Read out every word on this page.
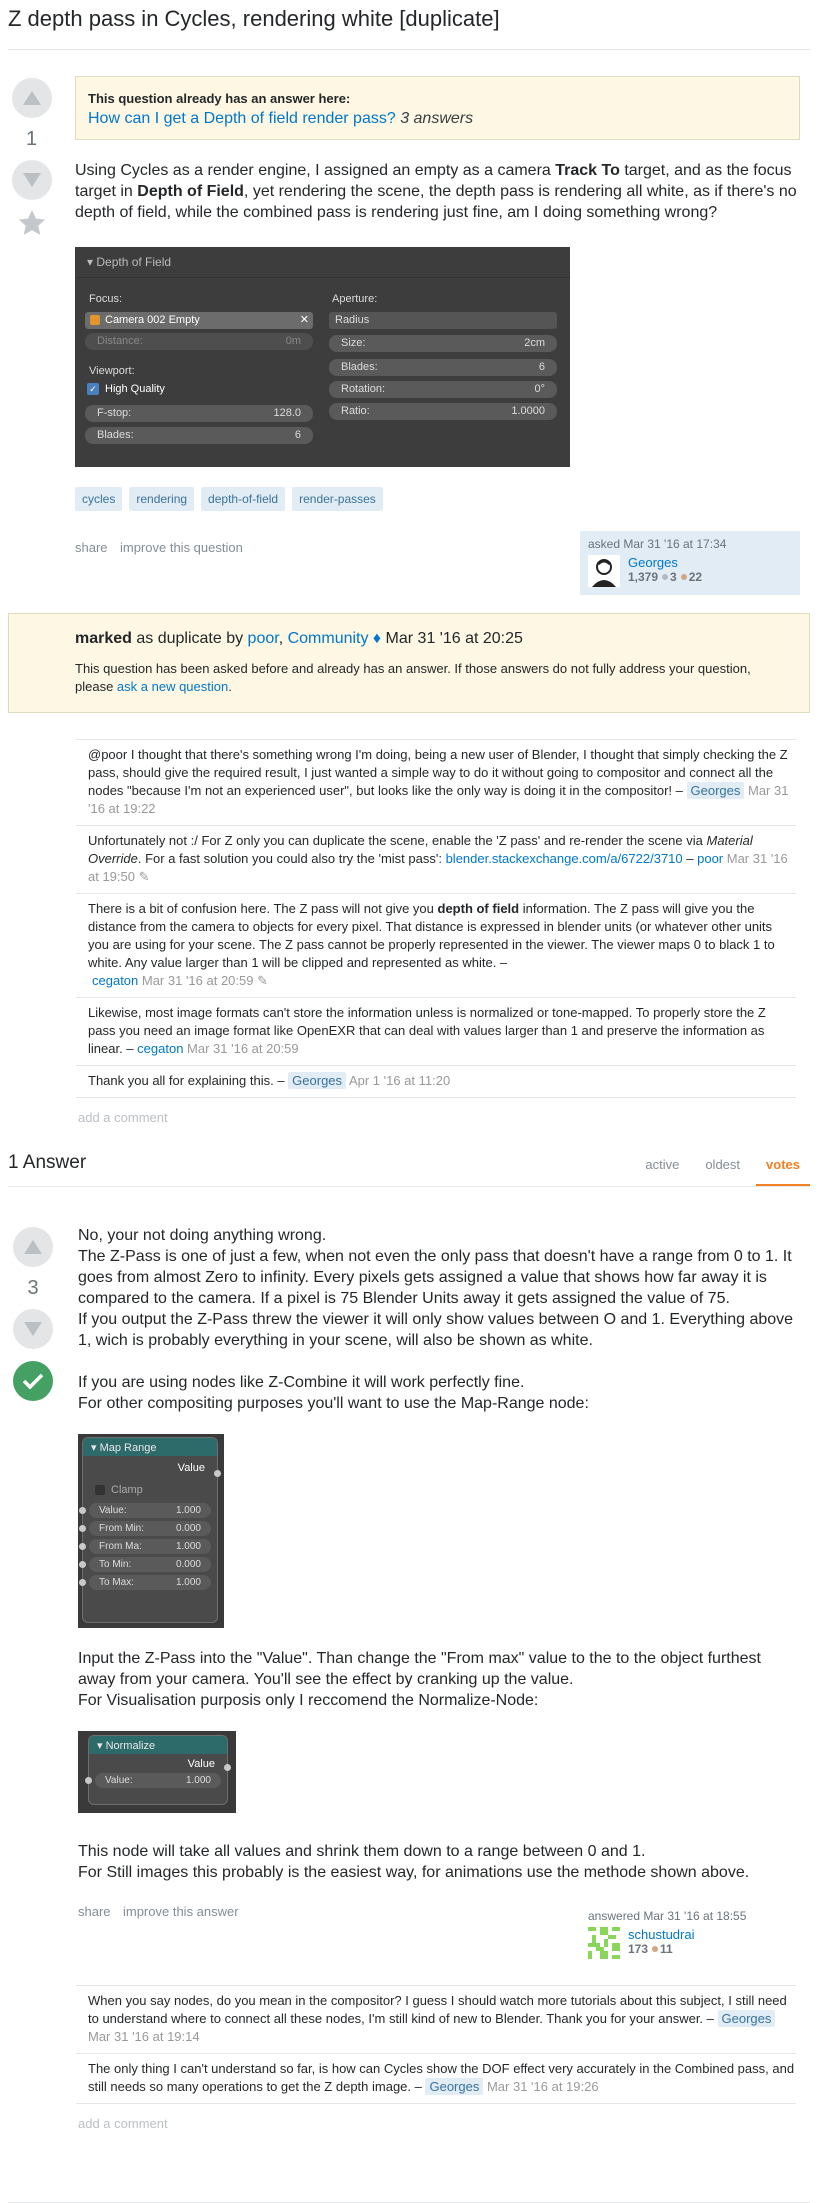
Z depth pass in Cycles, rendering white [duplicate]
1
This question already has an answer here:
How can I get a Depth of field render pass? 3 answers
Using Cycles as a render engine, I assigned an empty as a camera Track To target, and as the focus target in Depth of Field, yet rendering the scene, the depth pass is rendering all white, as if there's no depth of field, while the combined pass is rendering just fine, am I doing something wrong?
▾ Depth of Field
Focus:
Camera 002 Empty	✕
Distance:	0m
Viewport:
✓ High Quality
F-stop:	128.0
Blades:	6
Aperture:
Radius
Size:	2cm
Blades:	6
Rotation:	0°
Ratio:	1.0000
cycles	rendering	depth-of-field	render-passes
share improve this question	asked Mar 31 '16 at 17:34
Georges
1,379 3 22
marked as duplicate by poor, Community ♦ Mar 31 '16 at 20:25
This question has been asked before and already has an answer. If those answers do not fully address your question, please ask a new question.
@poor I thought that there's something wrong I'm doing, being a new user of Blender, I thought that simply checking the Z pass, should give the required result, I just wanted a simple way to do it without going to compositor and connect all the nodes "because I'm not an experienced user", but looks like the only way is doing it in the compositor! – Georges Mar 31 '16 at 19:22
Unfortunately not :/ For Z only you can duplicate the scene, enable the 'Z pass' and re-render the scene via Material Override. For a fast solution you could also try the 'mist pass': blender.stackexchange.com/a/6722/3710 – poor Mar 31 '16 at 19:50 ✎
There is a bit of confusion here. The Z pass will not give you depth of field information. The Z pass will give you the distance from the camera to objects for every pixel. That distance is expressed in blender units (or whatever other units you are using for your scene. The Z pass cannot be properly represented in the viewer. The viewer maps 0 to black 1 to white. Any value larger than 1 will be clipped and represented as white. –
cegaton Mar 31 '16 at 20:59 ✎
Likewise, most image formats can't store the information unless is normalized or tone-mapped. To properly store the Z pass you need an image format like OpenEXR that can deal with values larger than 1 and preserve the information as linear. – cegaton Mar 31 '16 at 20:59
Thank you all for explaining this. – Georges Apr 1 '16 at 11:20
add a comment
1 Answer	active	oldest	votes
3

No, your not doing anything wrong.

The Z-Pass is one of just a few, when not even the only pass that doesn't have a range from 0 to 1. It goes from almost Zero to infinity. Every pixels gets assigned a value that shows how far away it is compared to the camera. If a pixel is 75 Blender Units away it gets assigned the value of 75.

If you output the Z-Pass threw the viewer it will only show values between O and 1. Everything above 1, wich is probably everything in your scene, will also be shown as white.

If you are using nodes like Z-Combine it will work perfectly fine.

For other compositing purposes you'll want to use the Map-Range node:

▾ Map Range
Value
Clamp
Value:	1.000
From Min:	0.000
From Ma:	1.000
To Min:	0.000
To Max:	1.000

Input the Z-Pass into the "Value". Than change the "From max" value to the to the object furthest away from your camera. You'll see the effect by cranking up the value.

For Visualisation purposis only I reccomend the Normalize-Node:

▾ Normalize
Value
Value:	1.000

This node will take all values and shrink them down to a range between 0 and 1.

For Still images this probably is the easiest way, for animations use the methode shown above.

share improve this answer	answered Mar 31 '16 at 18:55
schustudrai
173 11
When you say nodes, do you mean in the compositor? I guess I should watch more tutorials about this subject, I still need to understand where to connect all these nodes, I'm still kind of new to Blender. Thank you for your answer. – Georges Mar 31 '16 at 19:14
The only thing I can't understand so far, is how can Cycles show the DOF effect very accurately in the Combined pass, and still needs so many operations to get the Z depth image. – Georges Mar 31 '16 at 19:26
add a comment
